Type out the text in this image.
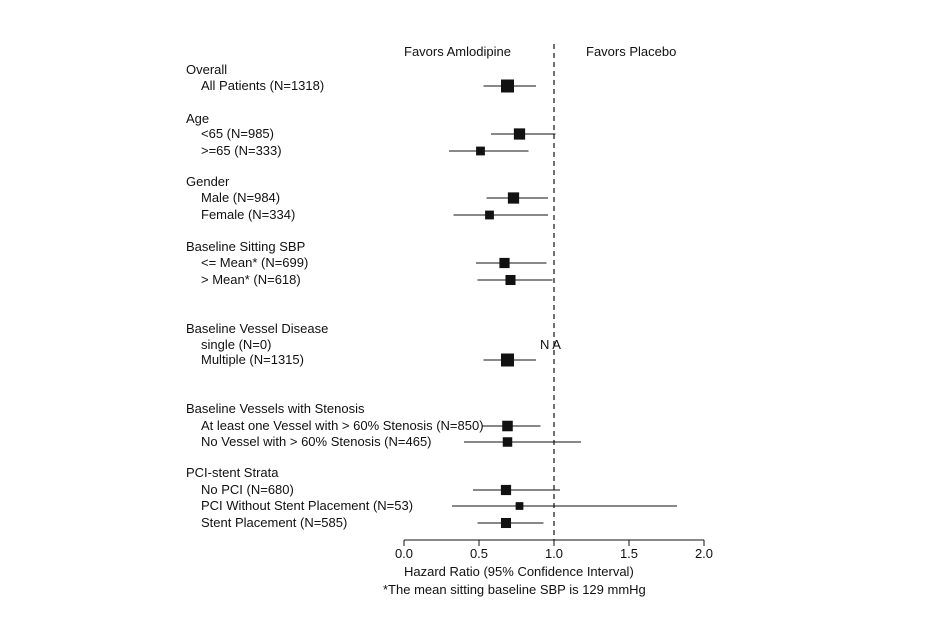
Favors Amlodipine	Favors Placebo
Overall
All Patients (N=1318)
Age
<65 (N=985)
>=65 (N=333)
Gender
Male (N=984)
Female (N=334)
Baseline Sitting SBP
<= Mean* (N=699)
> Mean* (N=618)
Baseline Vessel Disease
single (N=0)
Multiple (N=1315)
Baseline Vessels with Stenosis
At least one Vessel with > 60% Stenosis (N=850)
No Vessel with > 60% Stenosis (N=465)
PCI-stent Strata
No PCI (N=680)
PCI Without Stent Placement (N=53)
Stent Placement (N=585)
N A
0.0	0.5	1.0	1.5	2.0
Hazard Ratio (95% Confidence Interval)
*The mean sitting baseline SBP is 129 mmHg
